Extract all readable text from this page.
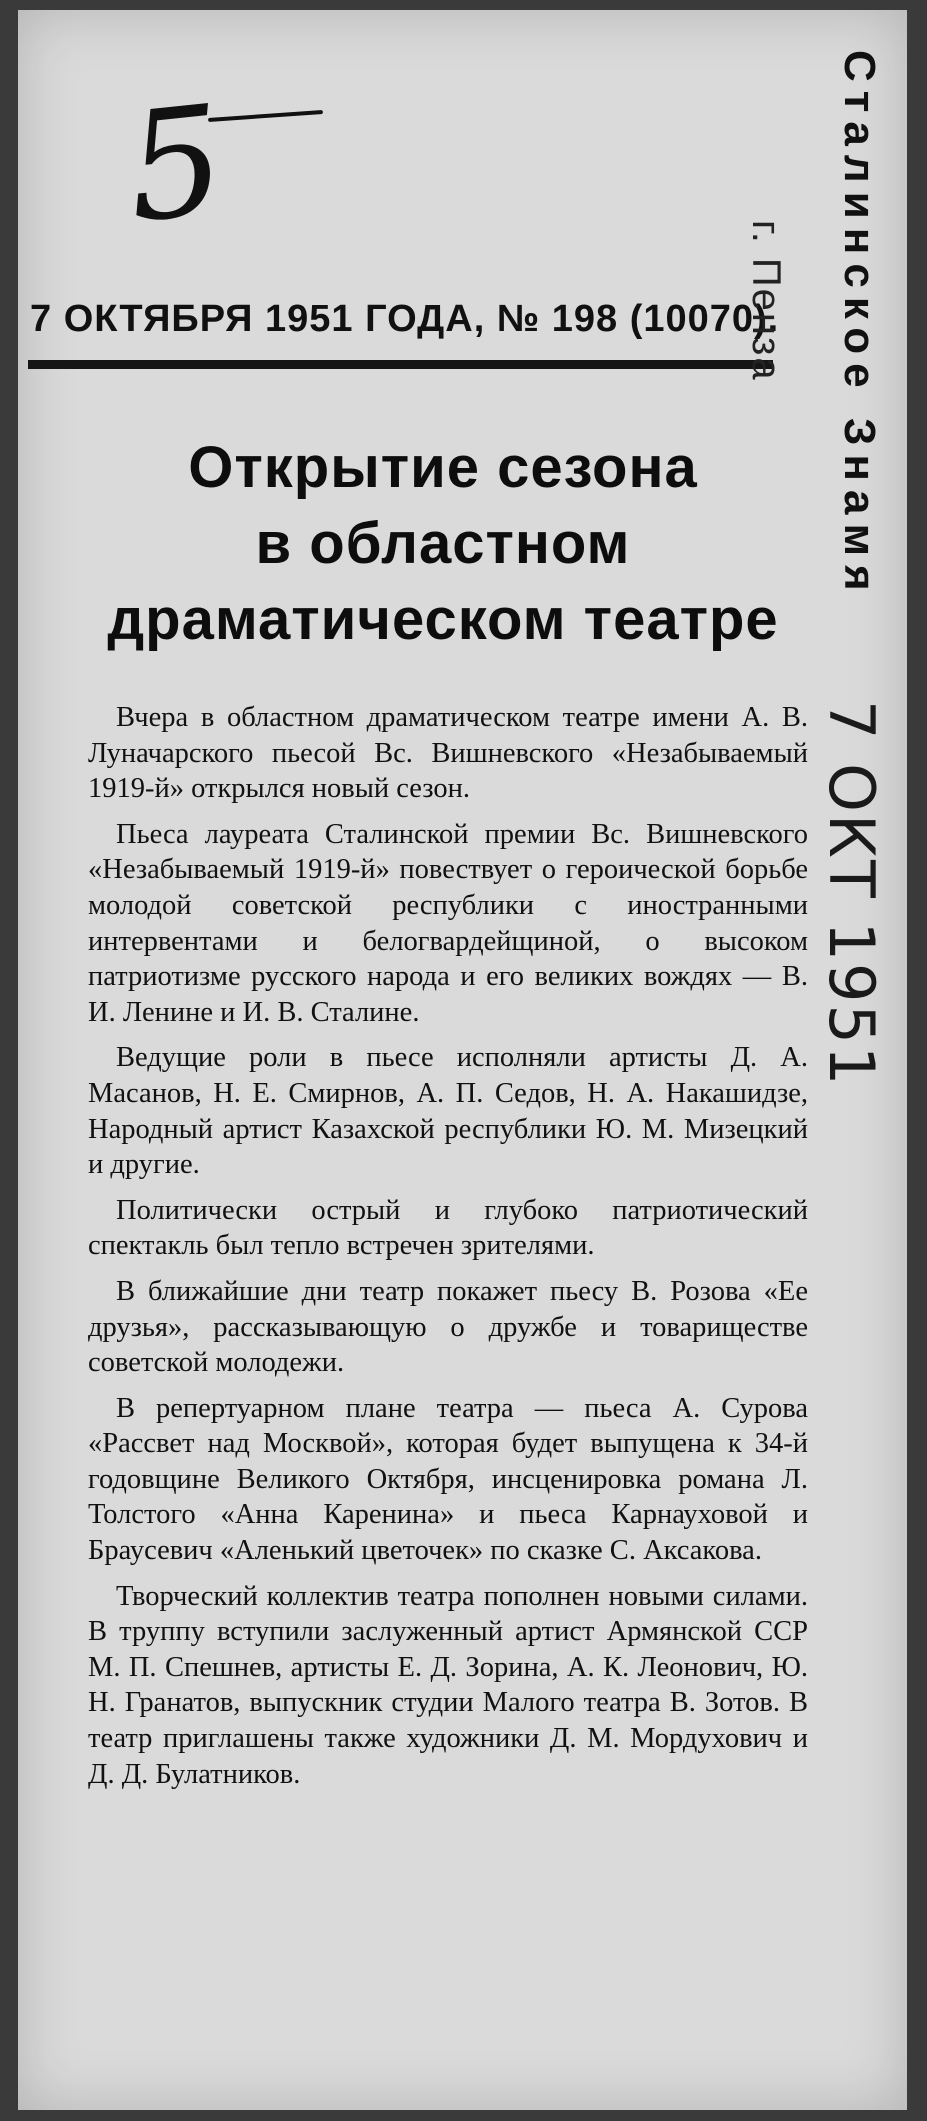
5
7 ОКТЯБРЯ 1951 ГОДА, № 198 (10070).	Сталинское Знамя
г. Пенза
7 ОКТ 1951
Открытие сезона
в областном
драматическом театре

Вчера в областном драматическом театре имени А. В. Луначарского пьесой Вс. Вишневского «Незабываемый 1919-й» открылся новый сезон.

Пьеса лауреата Сталинской премии Вс. Вишневского «Незабываемый 1919-й» повествует о героической борьбе молодой советской республики с иностранными интервентами и белогвардейщиной, о высоком патриотизме русского народа и его великих вождях — В. И. Ленине и И. В. Сталине.

Ведущие роли в пьесе исполняли артисты Д. А. Масанов, Н. Е. Смирнов, А. П. Седов, Н. А. Накашидзе, Народный артист Казахской республики Ю. М. Мизецкий и другие.

Политически острый и глубоко патриотический спектакль был тепло встречен зрителями.

В ближайшие дни театр покажет пьесу В. Розова «Ее друзья», рассказывающую о дружбе и товариществе советской молодежи.

В репертуарном плане театра — пьеса А. Сурова «Рассвет над Москвой», которая будет выпущена к 34-й годовщине Великого Октября, инсценировка романа Л. Толстого «Анна Каренина» и пьеса Карнауховой и Браусевич «Аленький цветочек» по сказке С. Аксакова.

Творческий коллектив театра пополнен новыми силами. В труппу вступили заслуженный артист Армянской ССР М. П. Спешнев, артисты Е. Д. Зорина, А. К. Леонович, Ю. Н. Гранатов, выпускник студии Малого театра В. Зотов. В театр приглашены также художники Д. М. Мордухович и Д. Д. Булатников.
